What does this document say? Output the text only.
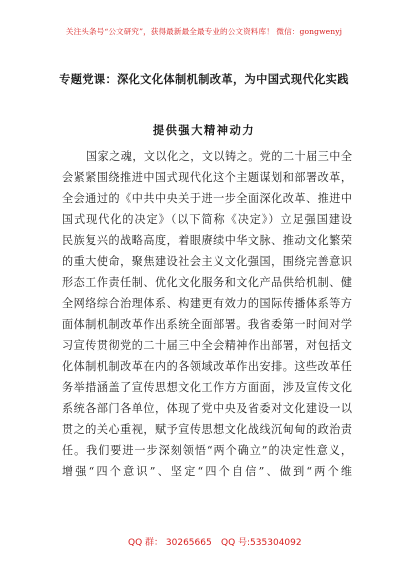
关注头条号“公文研究”，获得最新最全最专业的公文资料库！ 微信：gongwenyj
专题党课：深化文化体制机制改革，为中国式现代化实践
提供强大精神动力
国家之魂，文以化之，文以铸之。党的二十届三中全
会紧紧围绕推进中国式现代化这个主题谋划和部署改革，
全会通过的《中共中央关于进一步全面深化改革、推进中
国式现代化的决定》（以下简称《决定》）立足强国建设
民族复兴的战略高度，着眼赓续中华文脉、推动文化繁荣
的重大使命，聚焦建设社会主义文化强国，围绕完善意识
形态工作责任制、优化文化服务和文化产品供给机制、健
全网络综合治理体系、构建更有效力的国际传播体系等方
面体制机制改革作出系统全面部署。我省委第一时间对学
习宣传贯彻党的二十届三中全会精神作出部署，对包括文
化体制机制改革在内的各领域改革作出安排。这些改革任
务举措涵盖了宣传思想文化工作方方面面，涉及宣传文化
系统各部门各单位，体现了党中央及省委对文化建设一以
贯之的关心重视，赋予宣传思想文化战线沉甸甸的政治责
任。我们要进一步深刻领悟“两个确立”的决定性意义，
增强“四个意识”、坚定“四个自信”、做到“两个维
QQ 群： 30265665 QQ 号:535304092
